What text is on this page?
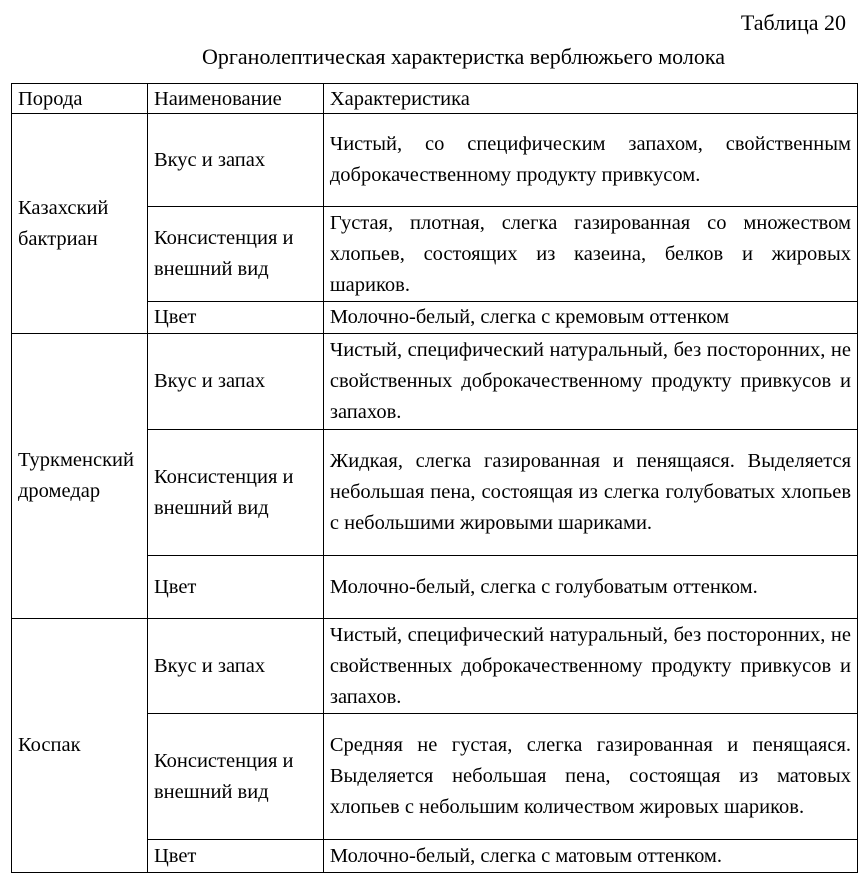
Таблица 20
Органолептическая характеристка верблюжьего молока
Порода	Наименование	Характеристика
Казахский бактриан	Вкус и запах	Чистый, со специфическим запахом, свойственным доброкачественному продукту привкусом.
	Консистенция и внешний вид	Густая, плотная, слегка газированная со множеством хлопьев, состоящих из казеина, белков и жировых шариков.
	Цвет	Молочно-белый, слегка с кремовым оттенком
Туркменский дромедар	Вкус и запах	Чистый, специфический натуральный, без посторонних, не свойственных доброкачественному продукту привкусов и запахов.
	Консистенция и внешний вид	Жидкая, слегка газированная и пенящаяся. Выделяется небольшая пена, состоящая из слегка голубоватых хлопьев с небольшими жировыми шариками.
	Цвет	Молочно-белый, слегка с голубоватым оттенком.
Коспак	Вкус и запах	Чистый, специфический натуральный, без посторонних, не свойственных доброкачественному продукту привкусов и запахов.
	Консистенция и внешний вид	Средняя не густая, слегка газированная и пенящаяся. Выделяется небольшая пена, состоящая из матовых хлопьев с небольшим количеством жировых шариков.
	Цвет	Молочно-белый, слегка с матовым оттенком.
